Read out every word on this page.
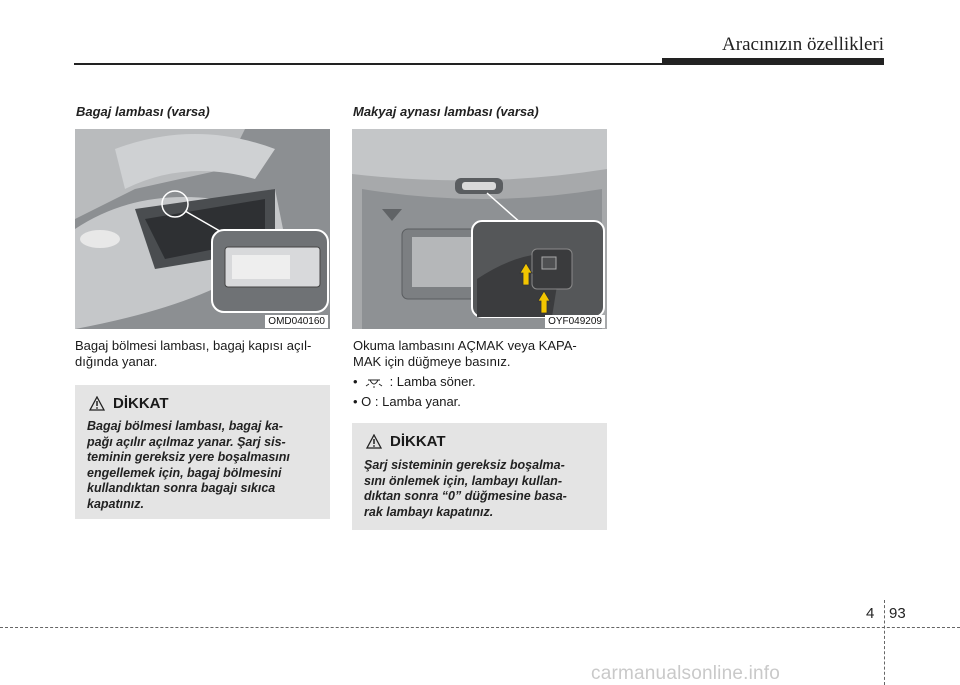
Aracınızın özellikleri
Bagaj lambası (varsa)
OMD040160

Bagaj bölmesi lambası, bagaj kapısı açıl-

dığında yanar.

DİKKAT
Bagaj bölmesi lambası, bagaj ka-
pağı açılır açılmaz yanar. Şarj sis-
teminin gereksiz yere boşalmasını
engellemek için, bagaj bölmesini
kullandıktan sonra bagajı sıkıca
kapatınız.
Makyaj aynası lambası (varsa)
OYF049209

Okuma lambasını AÇMAK veya KAPA-

MAK için düğmeye basınız.

• : Lamba söner.

• O : Lamba yanar.

DİKKAT
Şarj sisteminin gereksiz boşalma-
sını önlemek için, lambayı kullan-
dıktan sonra “0” düğmesine basa-
rak lambayı kapatınız.
4 93
carmanualsonline.info
